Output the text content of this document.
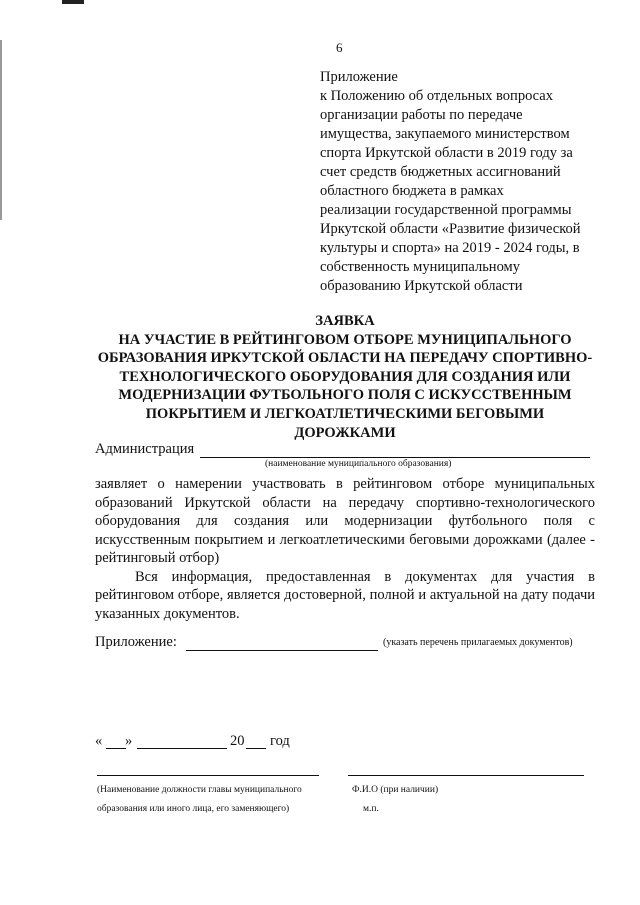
6
Приложение
к Положению об отдельных вопросах
организации работы по передаче
имущества, закупаемого министерством
спорта Иркутской области в 2019 году за
счет средств бюджетных ассигнований
областного бюджета в рамках
реализации государственной программы
Иркутской области «Развитие физической
культуры и спорта» на 2019 - 2024 годы, в
собственность муниципальному
образованию Иркутской области
ЗАЯВКА
НА УЧАСТИЕ В РЕЙТИНГОВОМ ОТБОРЕ МУНИЦИПАЛЬНОГО
ОБРАЗОВАНИЯ ИРКУТСКОЙ ОБЛАСТИ НА ПЕРЕДАЧУ СПОРТИВНО-
ТЕХНОЛОГИЧЕСКОГО ОБОРУДОВАНИЯ ДЛЯ СОЗДАНИЯ ИЛИ
МОДЕРНИЗАЦИИ ФУТБОЛЬНОГО ПОЛЯ С ИСКУССТВЕННЫМ
ПОКРЫТИЕМ И ЛЕГКОАТЛЕТИЧЕСКИМИ БЕГОВЫМИ
ДОРОЖКАМИ
Администрация
(наименование муниципального образования)

заявляет о намерении участвовать в рейтинговом отборе муниципальных образований Иркутской области на передачу спортивно-технологического оборудования для создания или модернизации футбольного поля с искусственным покрытием и легкоатлетическими беговыми дорожками (далее - рейтинговый отбор)

Вся информация, предоставленная в документах для участия в рейтинговом отборе, является достоверной, полной и актуальной на дату подачи указанных документов.

Приложение:	(указать перечень прилагаемых документов)
« »	20 год
(Наименование должности главы муниципального
образования или иного лица, его заменяющего)
Ф.И.О (при наличии)
м.п.
